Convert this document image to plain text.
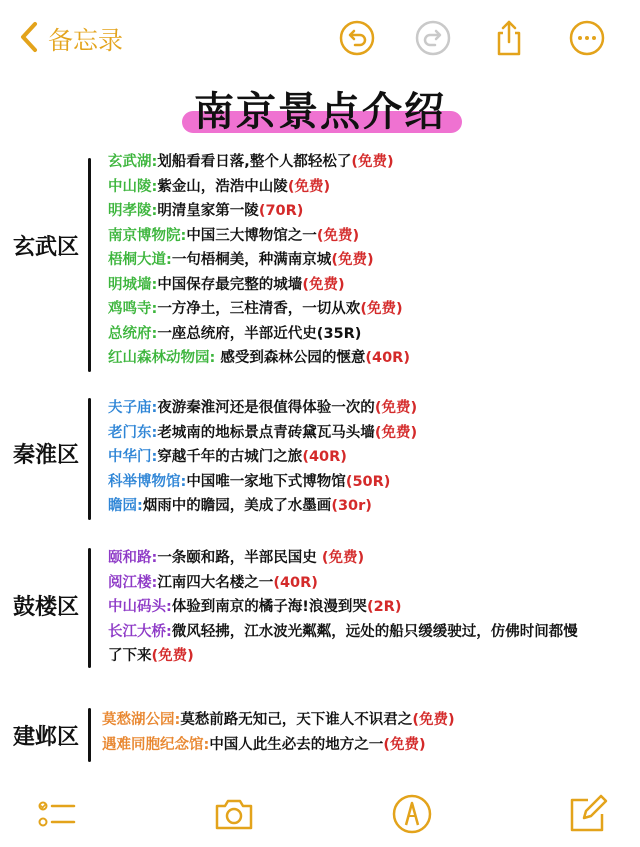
备忘录
南京景点介绍
玄武区
玄武湖:划船看看日落,整个人都轻松了(免费)
中山陵:紫金山，浩浩中山陵(免费)
明孝陵:明清皇家第一陵(70R)
南京博物院:中国三大博物馆之一(免费)
梧桐大道:一句梧桐美，种满南京城(免费)
明城墙:中国保存最完整的城墙(免费)
鸡鸣寺:一方净土，三柱清香，一切从欢(免费)
总统府:一座总统府，半部近代史(35R)
红山森林动物园: 感受到森林公园的惬意(40R)
秦淮区
夫子庙:夜游秦淮河还是很值得体验一次的(免费)
老门东:老城南的地标景点青砖黛瓦马头墙(免费)
中华门:穿越千年的古城门之旅(40R)
科举博物馆:中国唯一家地下式博物馆(50R)
瞻园:烟雨中的瞻园，美成了水墨画(30r)
鼓楼区
颐和路:一条颐和路，半部民国史 (免费)
阅江楼:江南四大名楼之一(40R)
中山码头:体验到南京的橘子海!浪漫到哭(2R)
长江大桥:微风轻拂，江水波光粼粼，远处的船只缓缓驶过，仿佛时间都慢了下来(免费)
建邺区
莫愁湖公园:莫愁前路无知己，天下谁人不识君之(免费)
遇难同胞纪念馆:中国人此生必去的地方之一(免费)
